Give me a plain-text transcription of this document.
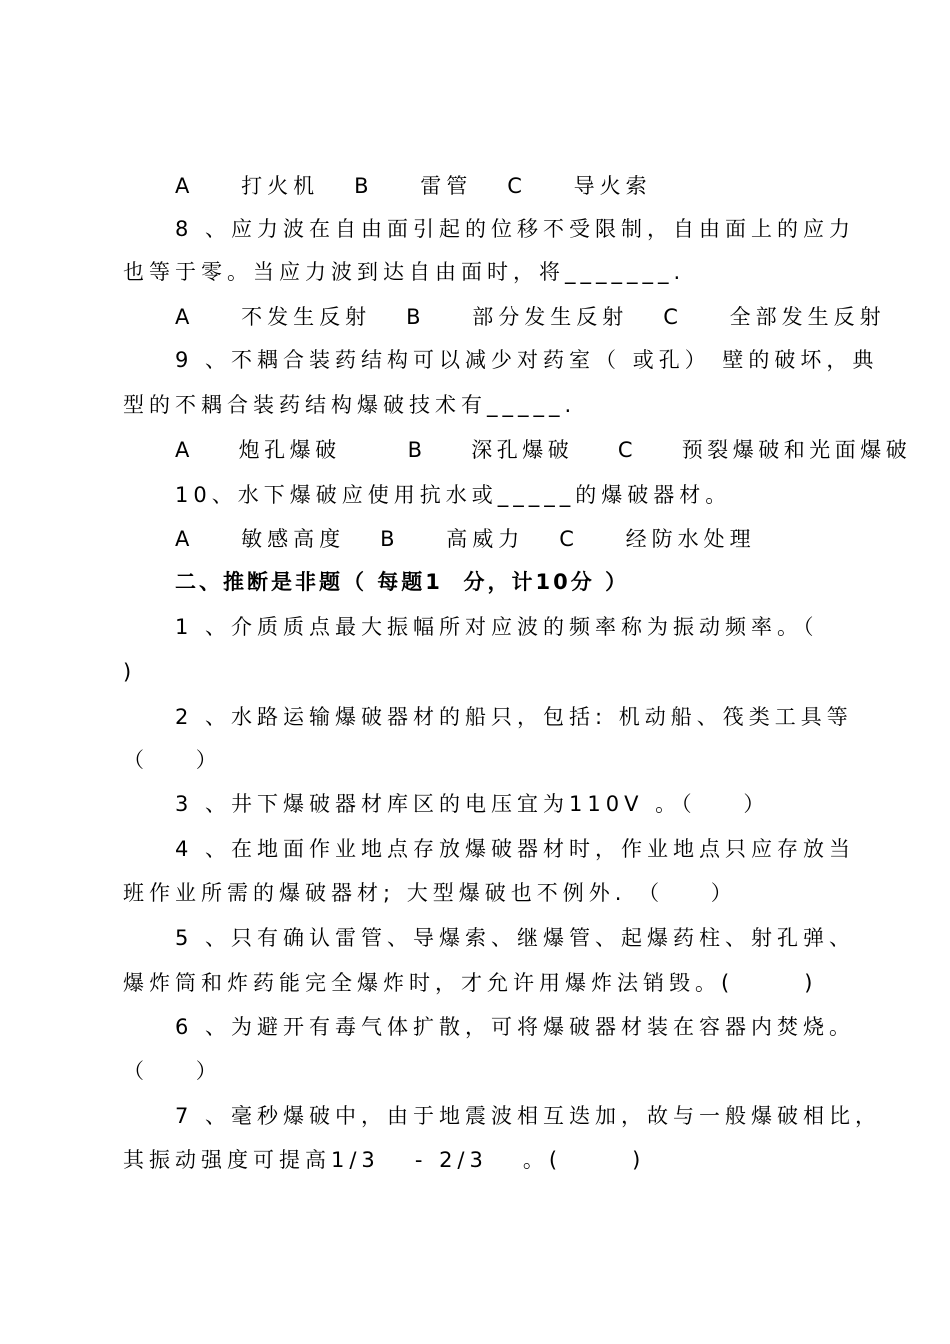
A    打火机   B    雷管   C    导火索
8 、应力波在自由面引起的位移不受限制，自由面上的应力
也等于零。当应力波到达自由面时，将_______.
A    不发生反射   B    部分发生反射   C    全部发生反射
9 、不耦合装药结构可以减少对药室（ 或孔） 壁的破坏，典
型的不耦合装药结构爆破技术有_____.
A    炮孔爆破      B    深孔爆破    C    预裂爆破和光面爆破
10、水下爆破应使用抗水或_____的爆破器材。
A    敏感高度   B    高威力   C    经防水处理
二、推断是非题（ 每题1  分，计10分 ）
1 、介质质点最大振幅所对应波的频率称为振动频率。（
)
2 、水路运输爆破器材的船只，包括: 机动船、筏类工具等
（    ）
3 、井下爆破器材库区的电压宜为110V 。（    ）
4 、在地面作业地点存放爆破器材时，作业地点只应存放当
班作业所需的爆破器材; 大型爆破也不例外. （    ）
5 、只有确认雷管、导爆索、继爆管、起爆药柱、射孔弹、
爆炸筒和炸药能完全爆炸时，才允许用爆炸法销毁。(      )
6 、为避开有毒气体扩散，可将爆破器材装在容器内焚烧。
（    ）
7 、毫秒爆破中，由于地震波相互迭加，故与一般爆破相比，
其振动强度可提高1/3   - 2/3   。(      )
